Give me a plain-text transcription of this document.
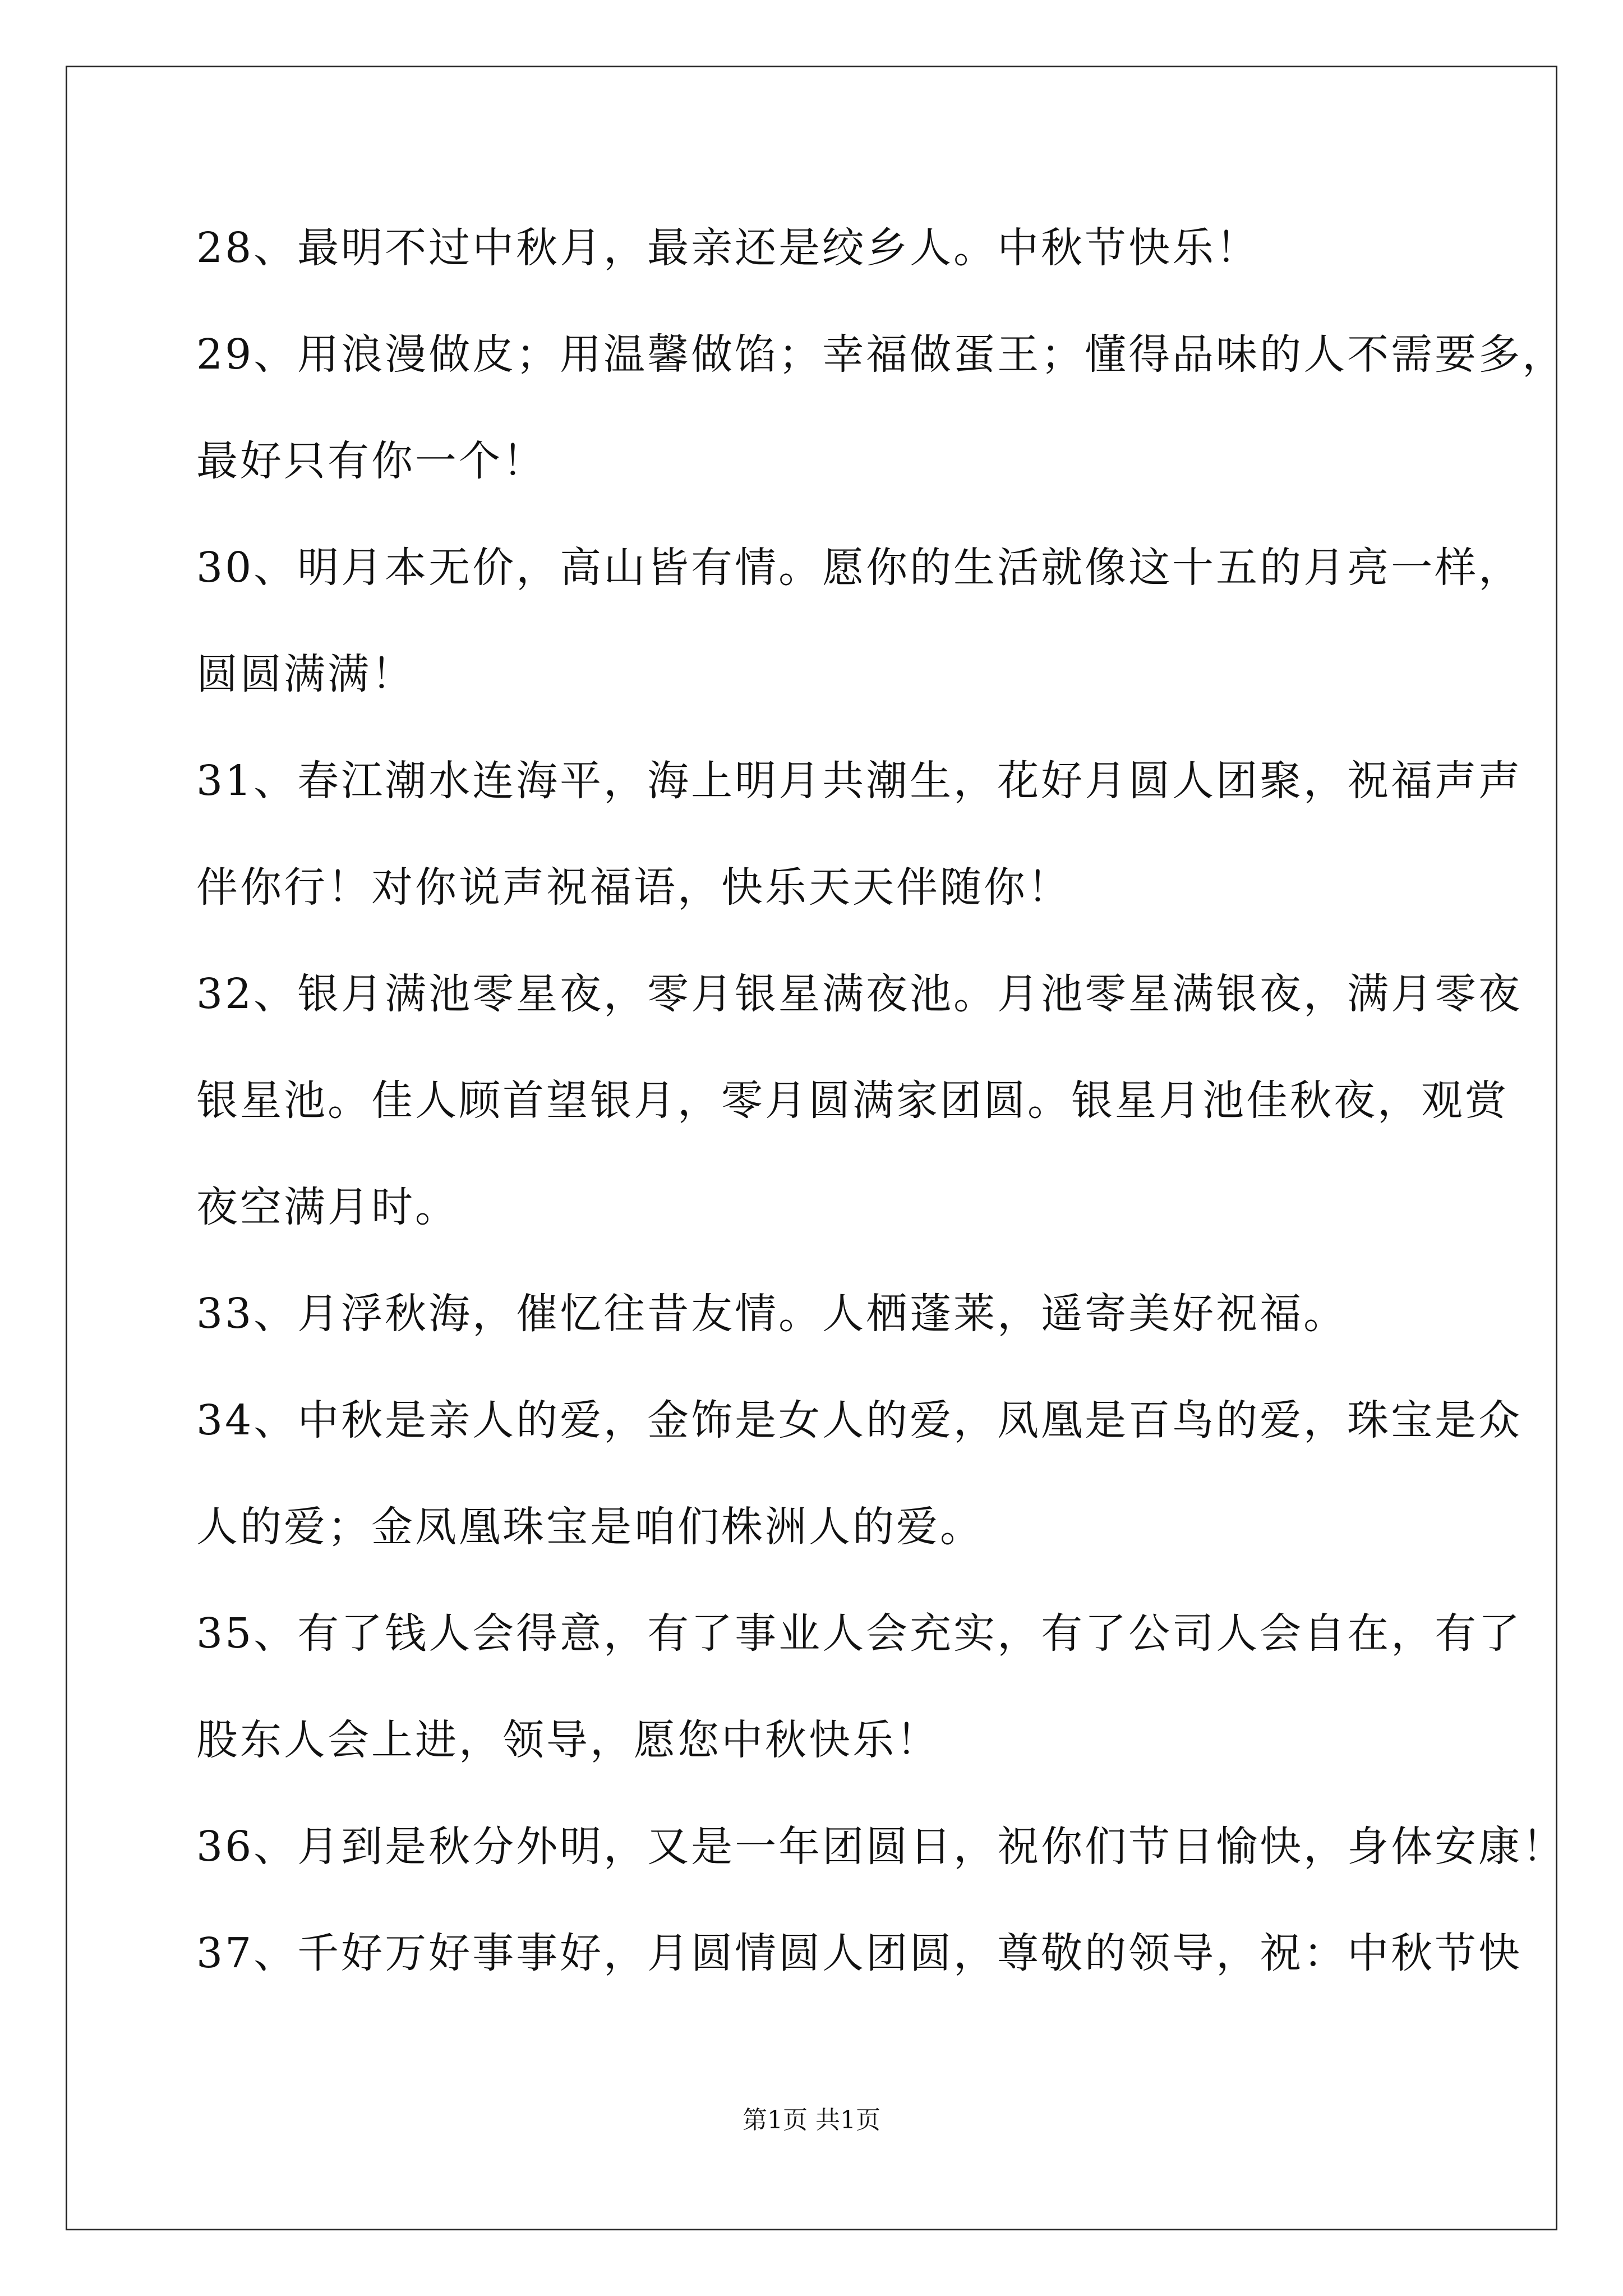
28、最明不过中秋月，最亲还是绞乡人。中秋节快乐！
29、用浪漫做皮；用温馨做馅；幸福做蛋王；懂得品味的人不需要多，
最好只有你一个！
30、明月本无价，高山皆有情。愿你的生活就像这十五的月亮一样，
圆圆满满！
31、春江潮水连海平，海上明月共潮生，花好月圆人团聚，祝福声声
伴你行！对你说声祝福语，快乐天天伴随你！
32、银月满池零星夜，零月银星满夜池。月池零星满银夜，满月零夜
银星池。佳人顾首望银月，零月圆满家团圆。银星月池佳秋夜，观赏
夜空满月时。
33、月浮秋海，催忆往昔友情。人栖蓬莱，遥寄美好祝福。
34、中秋是亲人的爱，金饰是女人的爱，凤凰是百鸟的爱，珠宝是众
人的爱；金凤凰珠宝是咱们株洲人的爱。
35、有了钱人会得意，有了事业人会充实，有了公司人会自在，有了
股东人会上进，领导，愿您中秋快乐！
36、月到是秋分外明，又是一年团圆日，祝你们节日愉快，身体安康！
37、千好万好事事好，月圆情圆人团圆，尊敬的领导，祝：中秋节快
第1页 共1页
